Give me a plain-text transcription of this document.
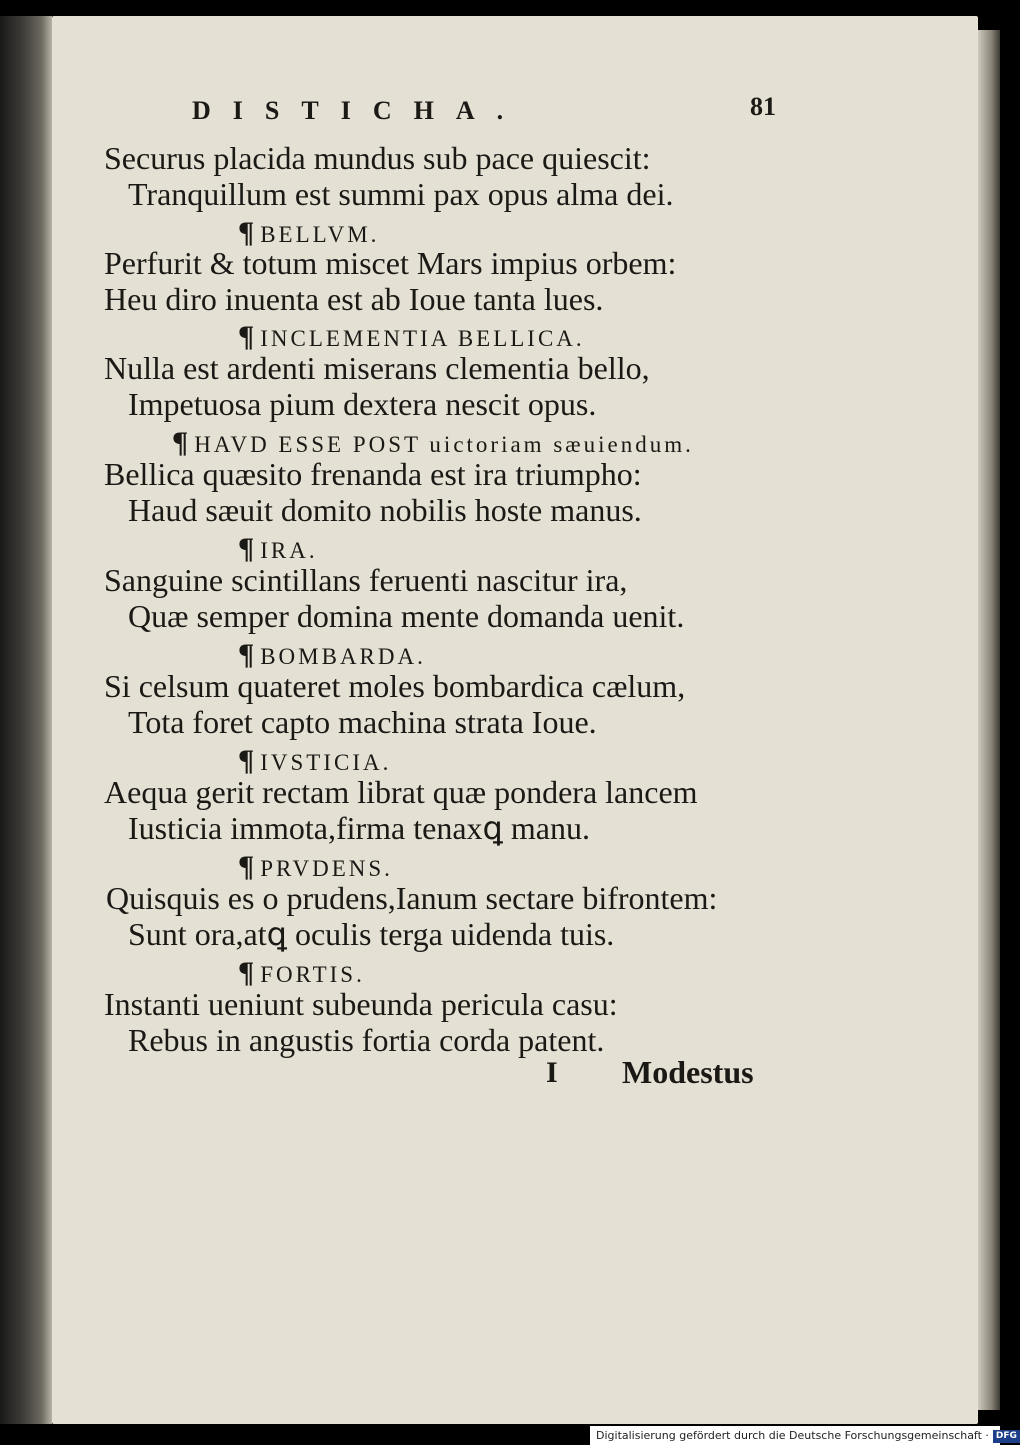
DISTICHA.	81
Securus placida mundus sub pace quiescit:
Tranquillum est summi pax opus alma dei.
¶ BELLVM.
Perfurit & totum miscet Mars impius orbem:
Heu diro inuenta est ab Ioue tanta lues.
¶ INCLEMENTIA BELLICA.
Nulla est ardenti miserans clementia bello,
Impetuosa pium dextera nescit opus.
¶ HAVD ESSE POST uictoriam sæuiendum.
Bellica quæsito frenanda est ira triumpho:
Haud sæuit domito nobilis hoste manus.
¶ IRA.
Sanguine scintillans feruenti nascitur ira,
Quæ semper domina mente domanda uenit.
¶ BOMBARDA.
Si celsum quateret moles bombardica cælum,
Tota foret capto machina strata Ioue.
¶ IVSTICIA.
Aequa gerit rectam librat quæ pondera lancem
Iusticia immota,firma tenaxꝗ manu.
¶ PRVDENS.
Quisquis es o prudens,Ianum sectare bifrontem:
Sunt ora,atꝗ oculis terga uidenda tuis.
¶ FORTIS.
Instanti ueniunt subeunda pericula casu:
Rebus in angustis fortia corda patent.
I Modestus
Digitalisierung gefördert durch die Deutsche Forschungsgemeinschaft · DFG
